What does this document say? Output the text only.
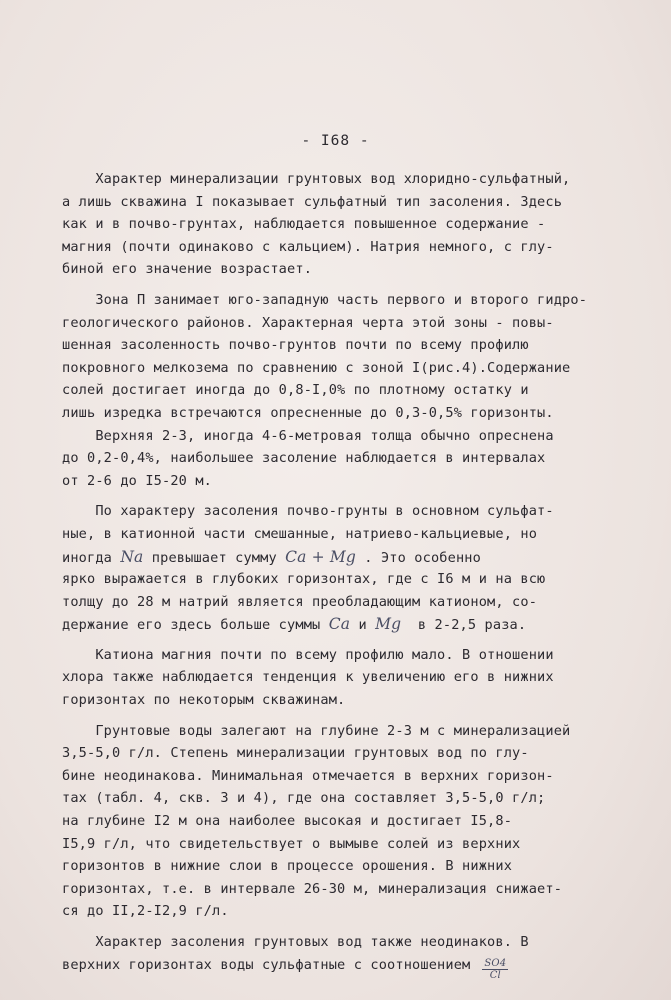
- I68 -
Характер минерализации грунтовых вод хлоридно-сульфатный,
а лишь скважина I показывает сульфатный тип засоления. Здесь
как и в почво-грунтах, наблюдается повышенное содержание -
магния (почти одинаково с кальцием). Натрия немного, с глу-
биной его значение возрастает.
Зона П занимает юго-западную часть первого и второго гидро-
геологического районов. Характерная черта этой зоны - повы-
шенная засоленность почво-грунтов почти по всему профилю
покровного мелкозема по сравнению с зоной I(рис.4).Содержание
солей достигает иногда до 0,8-I,0% по плотному остатку и
лишь изредка встречаются опресненные до 0,3-0,5% горизонты.
Верхняя 2-3, иногда 4-6-метровая толща обычно опреснена
до 0,2-0,4%, наибольшее засоление наблюдается в интервалах
от 2-6 до I5-20 м.
По характеру засоления почво-грунты в основном сульфат-
ные, в катионной части смешанные, натриево-кальциевые, но
иногда Na превышает сумму Ca + Mg . Это особенно
ярко выражается в глубоких горизонтах, где с I6 м и на всю
толщу до 28 м натрий является преобладающим катионом, со-
держание его здесь больше суммы Ca и Mg  в 2-2,5 раза.
Катиона магния почти по всему профилю мало. В отношении
хлора также наблюдается тенденция к увеличению его в нижних
горизонтах по некоторым скважинам.
Грунтовые воды залегают на глубине 2-3 м с минерализацией
3,5-5,0 г/л. Степень минерализации грунтовых вод по глу-
бине неодинакова. Минимальная отмечается в верхних горизон-
тах (табл. 4, скв. 3 и 4), где она составляет 3,5-5,0 г/л;
на глубине I2 м она наиболее высокая и достигает I5,8-
I5,9 г/л, что свидетельствует о вымыве солей из верхних
горизонтов в нижние слои в процессе орошения. В нижних
горизонтах, т.е. в интервале 26-30 м, минерализация снижает-
ся до II,2-I2,9 г/л.
Характер засоления грунтовых вод также неодинаков. В
верхних горизонтах воды сульфатные с соотношением $\frac{SO4}{Cl}$
